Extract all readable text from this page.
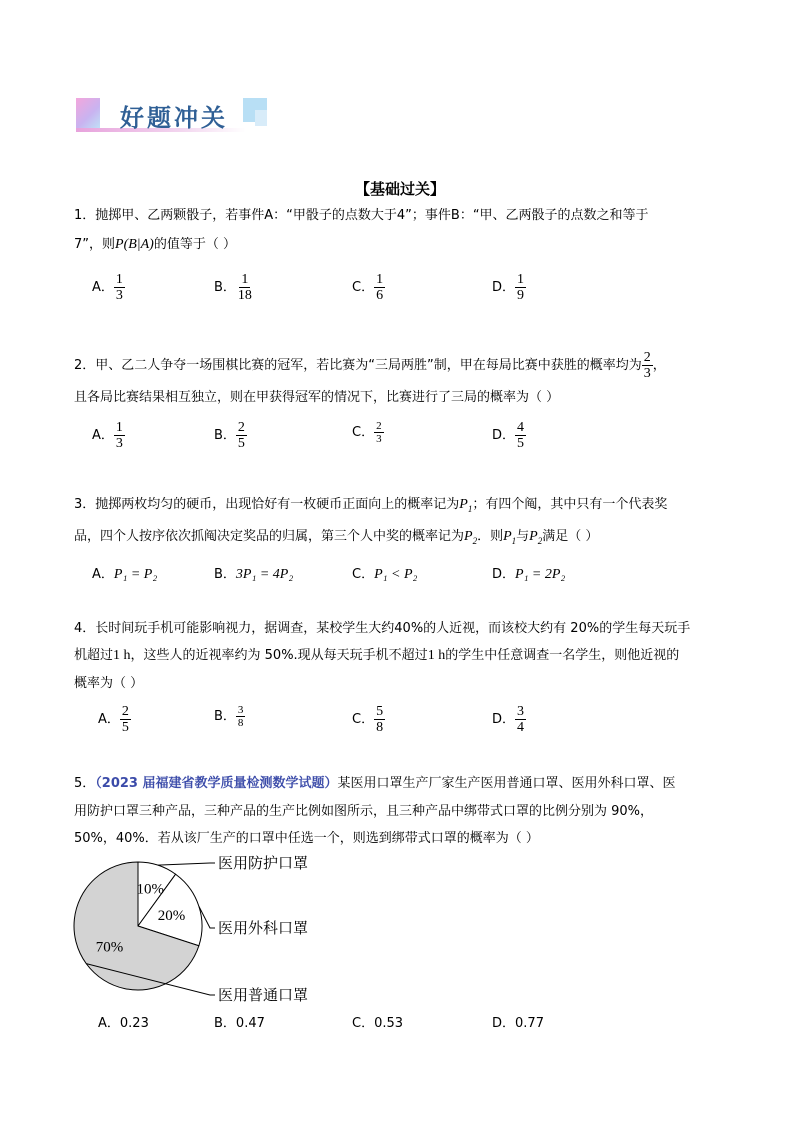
好题冲关
【基础过关】
1．抛掷甲、乙两颗骰子，若事件A：“甲骰子的点数大于4”；事件B：“甲、乙两骰子的点数之和等于
7”，则P(B|A)的值等于（ ）
A． $\frac{1}{3}$	B． $\frac{1}{18}$	C． $\frac{1}{6}$	D． $\frac{1}{9}$
2．甲、乙二人争夺一场围棋比赛的冠军，若比赛为“三局两胜”制，甲在每局比赛中获胜的概率均为 $\frac{2}{3}$ ，
且各局比赛结果相互独立，则在甲获得冠军的情况下，比赛进行了三局的概率为（ ）
A． $\frac{1}{3}$	B． $\frac{2}{5}$	C． $\frac{2}{3}$	D． $\frac{4}{5}$
3．抛掷两枚均匀的硬币，出现恰好有一枚硬币正面向上的概率记为$P_1$；有四个阄，其中只有一个代表奖
品，四个人按序依次抓阄决定奖品的归属，第三个人中奖的概率记为$P_2$．则$P_1$与$P_2$满足（ ）
A．P₁ = P₂	B．3P₁ = 4P₂	C．P₁ < P₂	D．P₁ = 2P₂
4．长时间玩手机可能影响视力，据调查，某校学生大约40%的人近视，而该校大约有 20%的学生每天玩手
机超过1 h，这些人的近视率约为 50%.现从每天玩手机不超过1 h的学生中任意调查一名学生，则他近视的
概率为（ ）
A． $\frac{2}{5}$	B． $\frac{3}{8}$	C． $\frac{5}{8}$	D． $\frac{3}{4}$
5．（2023 届福建省教学质量检测数学试题）某医用口罩生产厂家生产医用普通口罩、医用外科口罩、医
用防护口罩三种产品，三种产品的生产比例如图所示，且三种产品中绑带式口罩的比例分别为 90%，
50%，40%．若从该厂生产的口罩中任选一个，则选到绑带式口罩的概率为（ ）
10%
医用防护口罩
20%
医用外科口罩
70%
医用普通口罩
A．0.23	B．0.47	C．0.53	D．0.77
